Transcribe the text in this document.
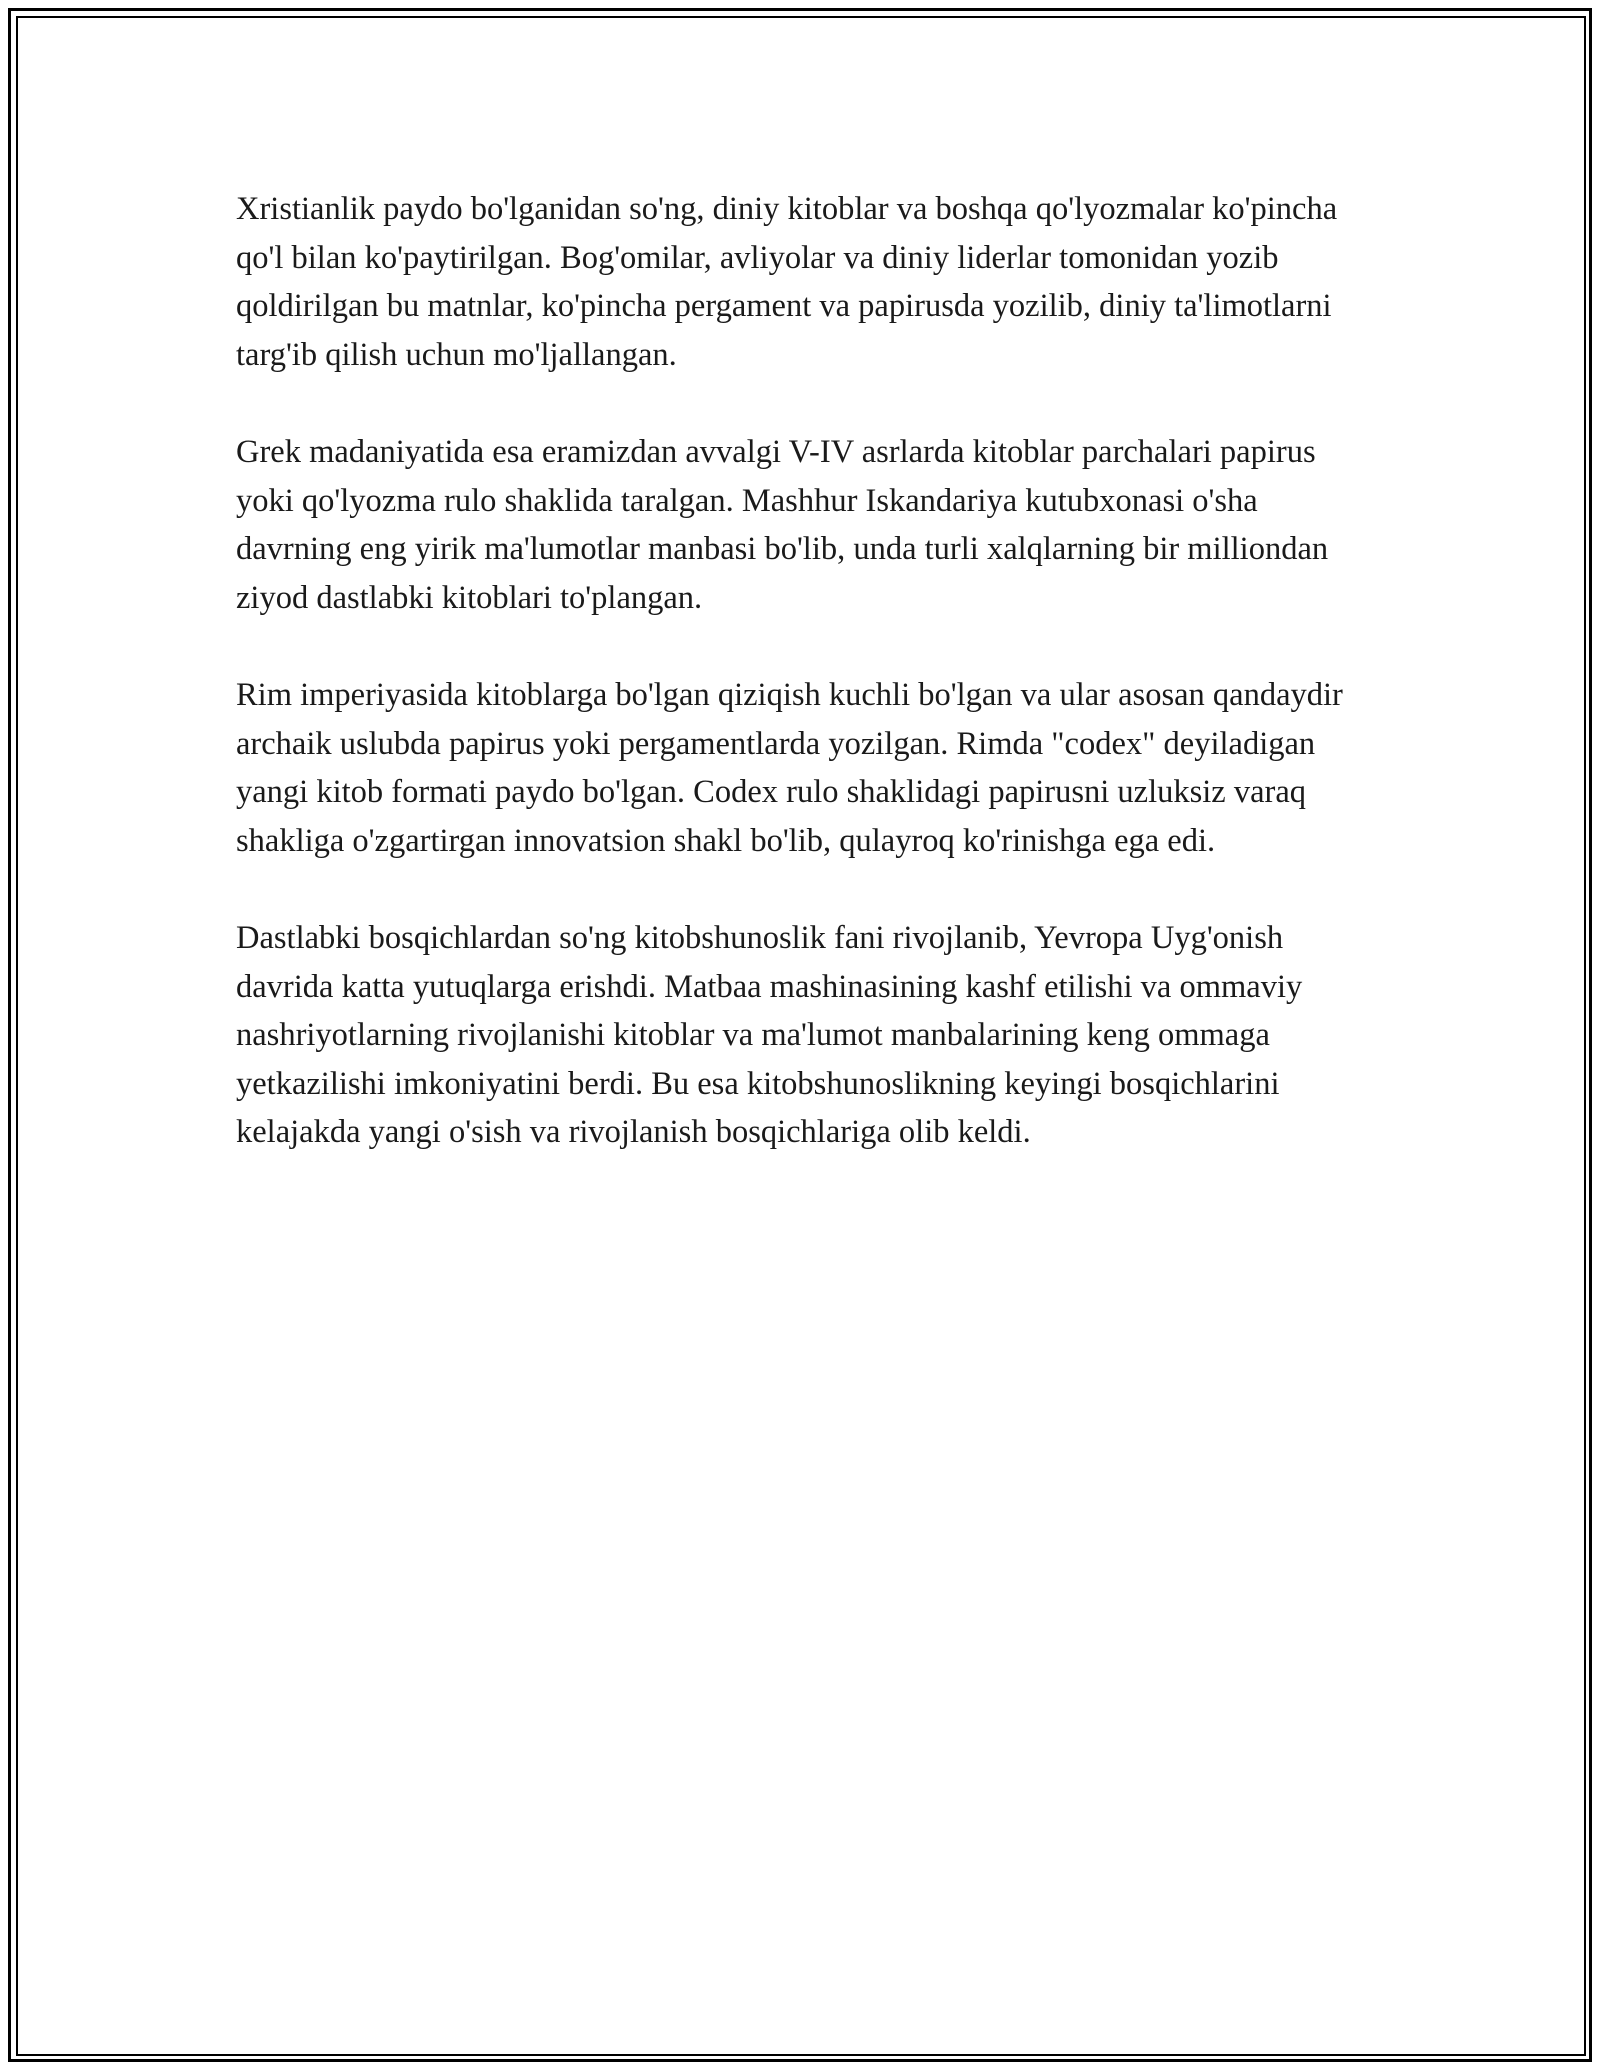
Xristianlik paydo bo'lganidan so'ng, diniy kitoblar va boshqa qo'lyozmalar ko'pincha qo'l bilan ko'paytirilgan. Bog'omilar, avliyolar va diniy liderlar tomonidan yozib qoldirilgan bu matnlar, ko'pincha pergament va papirusda yozilib, diniy ta'limotlarni targ'ib qilish uchun mo'ljallangan.

Grek madaniyatida esa eramizdan avvalgi V-IV asrlarda kitoblar parchalari papirus yoki qo'lyozma rulo shaklida taralgan. Mashhur Iskandariya kutubxonasi o'sha davrning eng yirik ma'lumotlar manbasi bo'lib, unda turli xalqlarning bir milliondan ziyod dastlabki kitoblari to'plangan.

Rim imperiyasida kitoblarga bo'lgan qiziqish kuchli bo'lgan va ular asosan qandaydir archaik uslubda papirus yoki pergamentlarda yozilgan. Rimda "codex" deyiladigan yangi kitob formati paydo bo'lgan. Codex rulo shaklidagi papirusni uzluksiz varaq shakliga o'zgartirgan innovatsion shakl bo'lib, qulayroq ko'rinishga ega edi.

Dastlabki bosqichlardan so'ng kitobshunoslik fani rivojlanib, Yevropa Uyg'onish davrida katta yutuqlarga erishdi. Matbaa mashinasining kashf etilishi va ommaviy nashriyotlarning rivojlanishi kitoblar va ma'lumot manbalarining keng ommaga yetkazilishi imkoniyatini berdi. Bu esa kitobshunoslikning keyingi bosqichlarini kelajakda yangi o'sish va rivojlanish bosqichlariga olib keldi.
